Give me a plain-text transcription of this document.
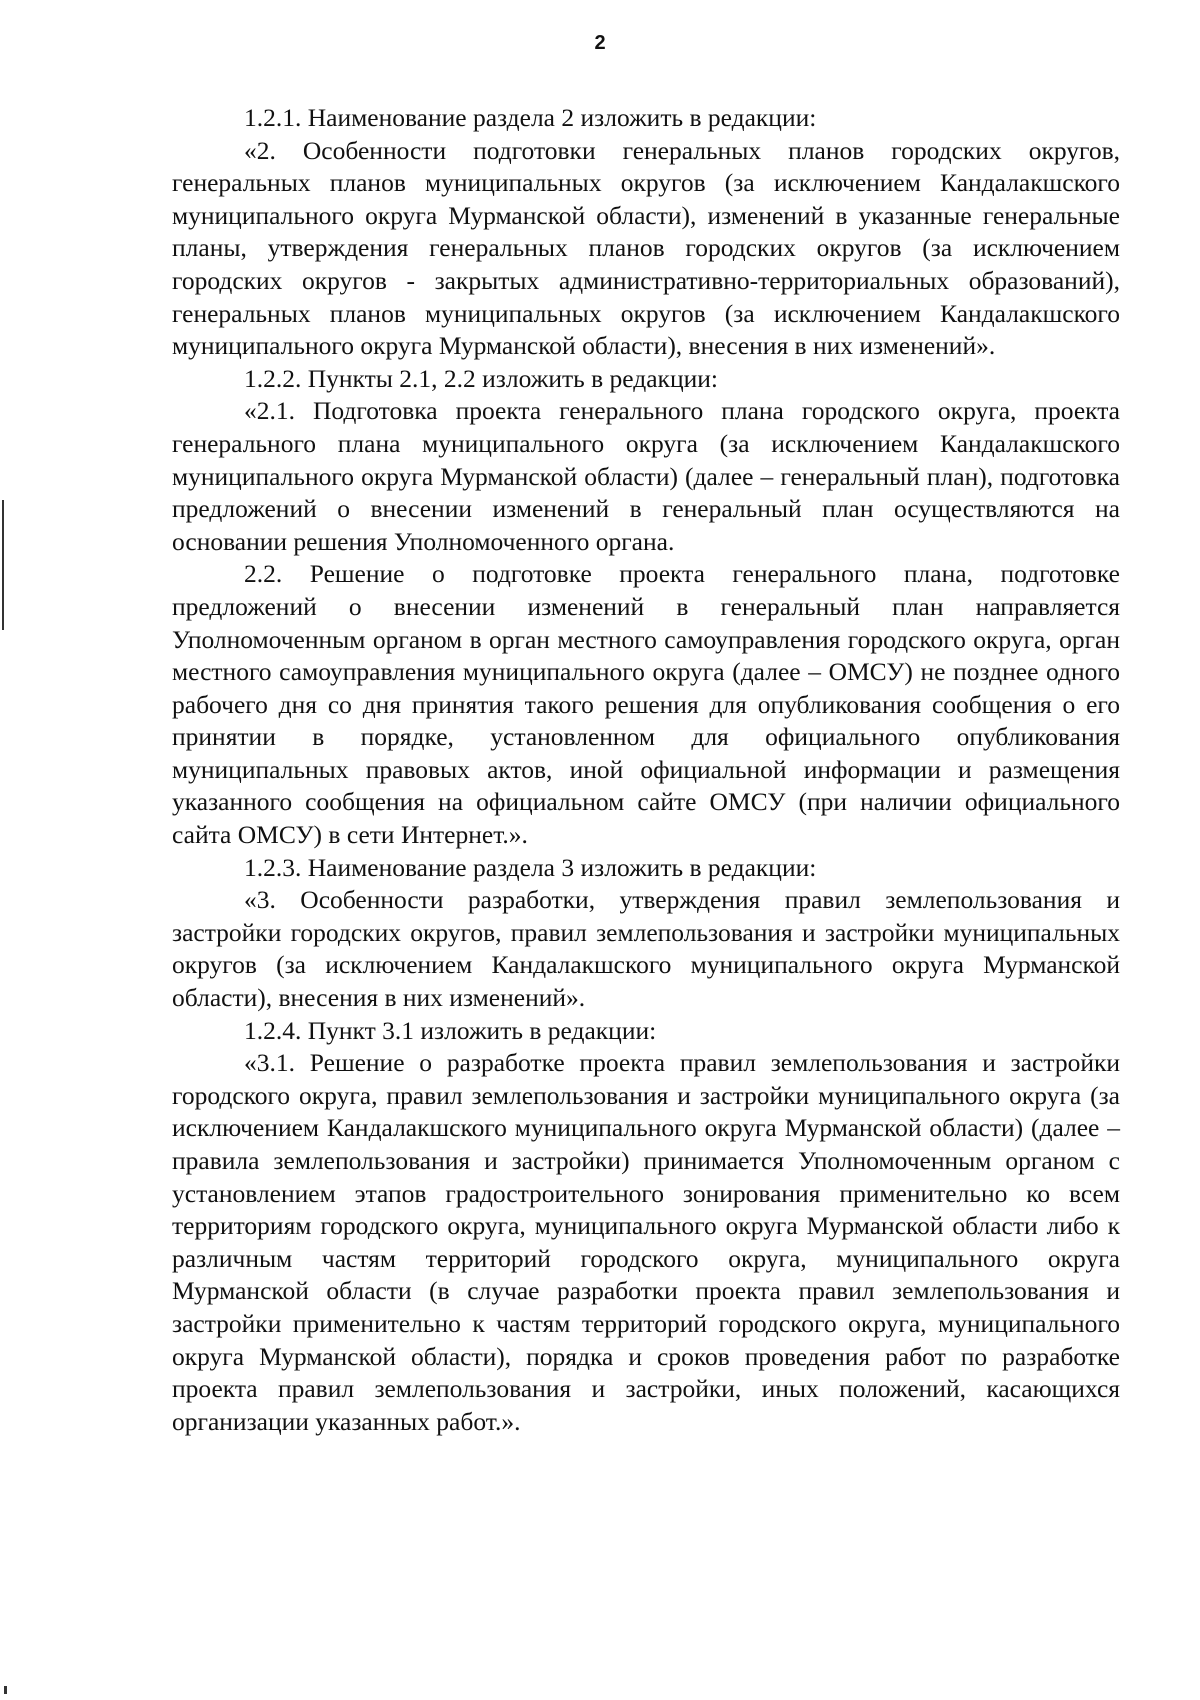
2

1.2.1. Наименование раздела 2 изложить в редакции:

«2. Особенности подготовки генеральных планов городских округов, генеральных планов муниципальных округов (за исключением Кандалакшского муниципального округа Мурманской области), изменений в указанные генеральные планы, утверждения генеральных планов городских округов (за исключением городских округов - закрытых административно-территориальных образований), генеральных планов муниципальных округов (за исключением Кандалакшского муниципального округа Мурманской области), внесения в них изменений».

1.2.2. Пункты 2.1, 2.2 изложить в редакции:

«2.1. Подготовка проекта генерального плана городского округа, проекта генерального плана муниципального округа (за исключением Кандалакшского муниципального округа Мурманской области) (далее – генеральный план), подготовка предложений о внесении изменений в генеральный план осуществляются на основании решения Уполномоченного органа.

2.2. Решение о подготовке проекта генерального плана, подготовке предложений о внесении изменений в генеральный план направляется Уполномоченным органом в орган местного самоуправления городского округа, орган местного самоуправления муниципального округа (далее – ОМСУ) не позднее одного рабочего дня со дня принятия такого решения для опубликования сообщения о его принятии в порядке, установленном для официального опубликования муниципальных правовых актов, иной официальной информации и размещения указанного сообщения на официальном сайте ОМСУ (при наличии официального сайта ОМСУ) в сети Интернет.».

1.2.3. Наименование раздела 3 изложить в редакции:

«3. Особенности разработки, утверждения правил землепользования и застройки городских округов, правил землепользования и застройки муниципальных округов (за исключением Кандалакшского муниципального округа Мурманской области), внесения в них изменений».

1.2.4. Пункт 3.1 изложить в редакции:

«3.1. Решение о разработке проекта правил землепользования и застройки городского округа, правил землепользования и застройки муниципального округа (за исключением Кандалакшского муниципального округа Мурманской области) (далее – правила землепользования и застройки) принимается Уполномоченным органом с установлением этапов градостроительного зонирования применительно ко всем территориям городского округа, муниципального округа Мурманской области либо к различным частям территорий городского округа, муниципального округа Мурманской области (в случае разработки проекта правил землепользования и застройки применительно к частям территорий городского округа, муниципального округа Мурманской области), порядка и сроков проведения работ по разработке проекта правил землепользования и застройки, иных положений, касающихся организации указанных работ.».
